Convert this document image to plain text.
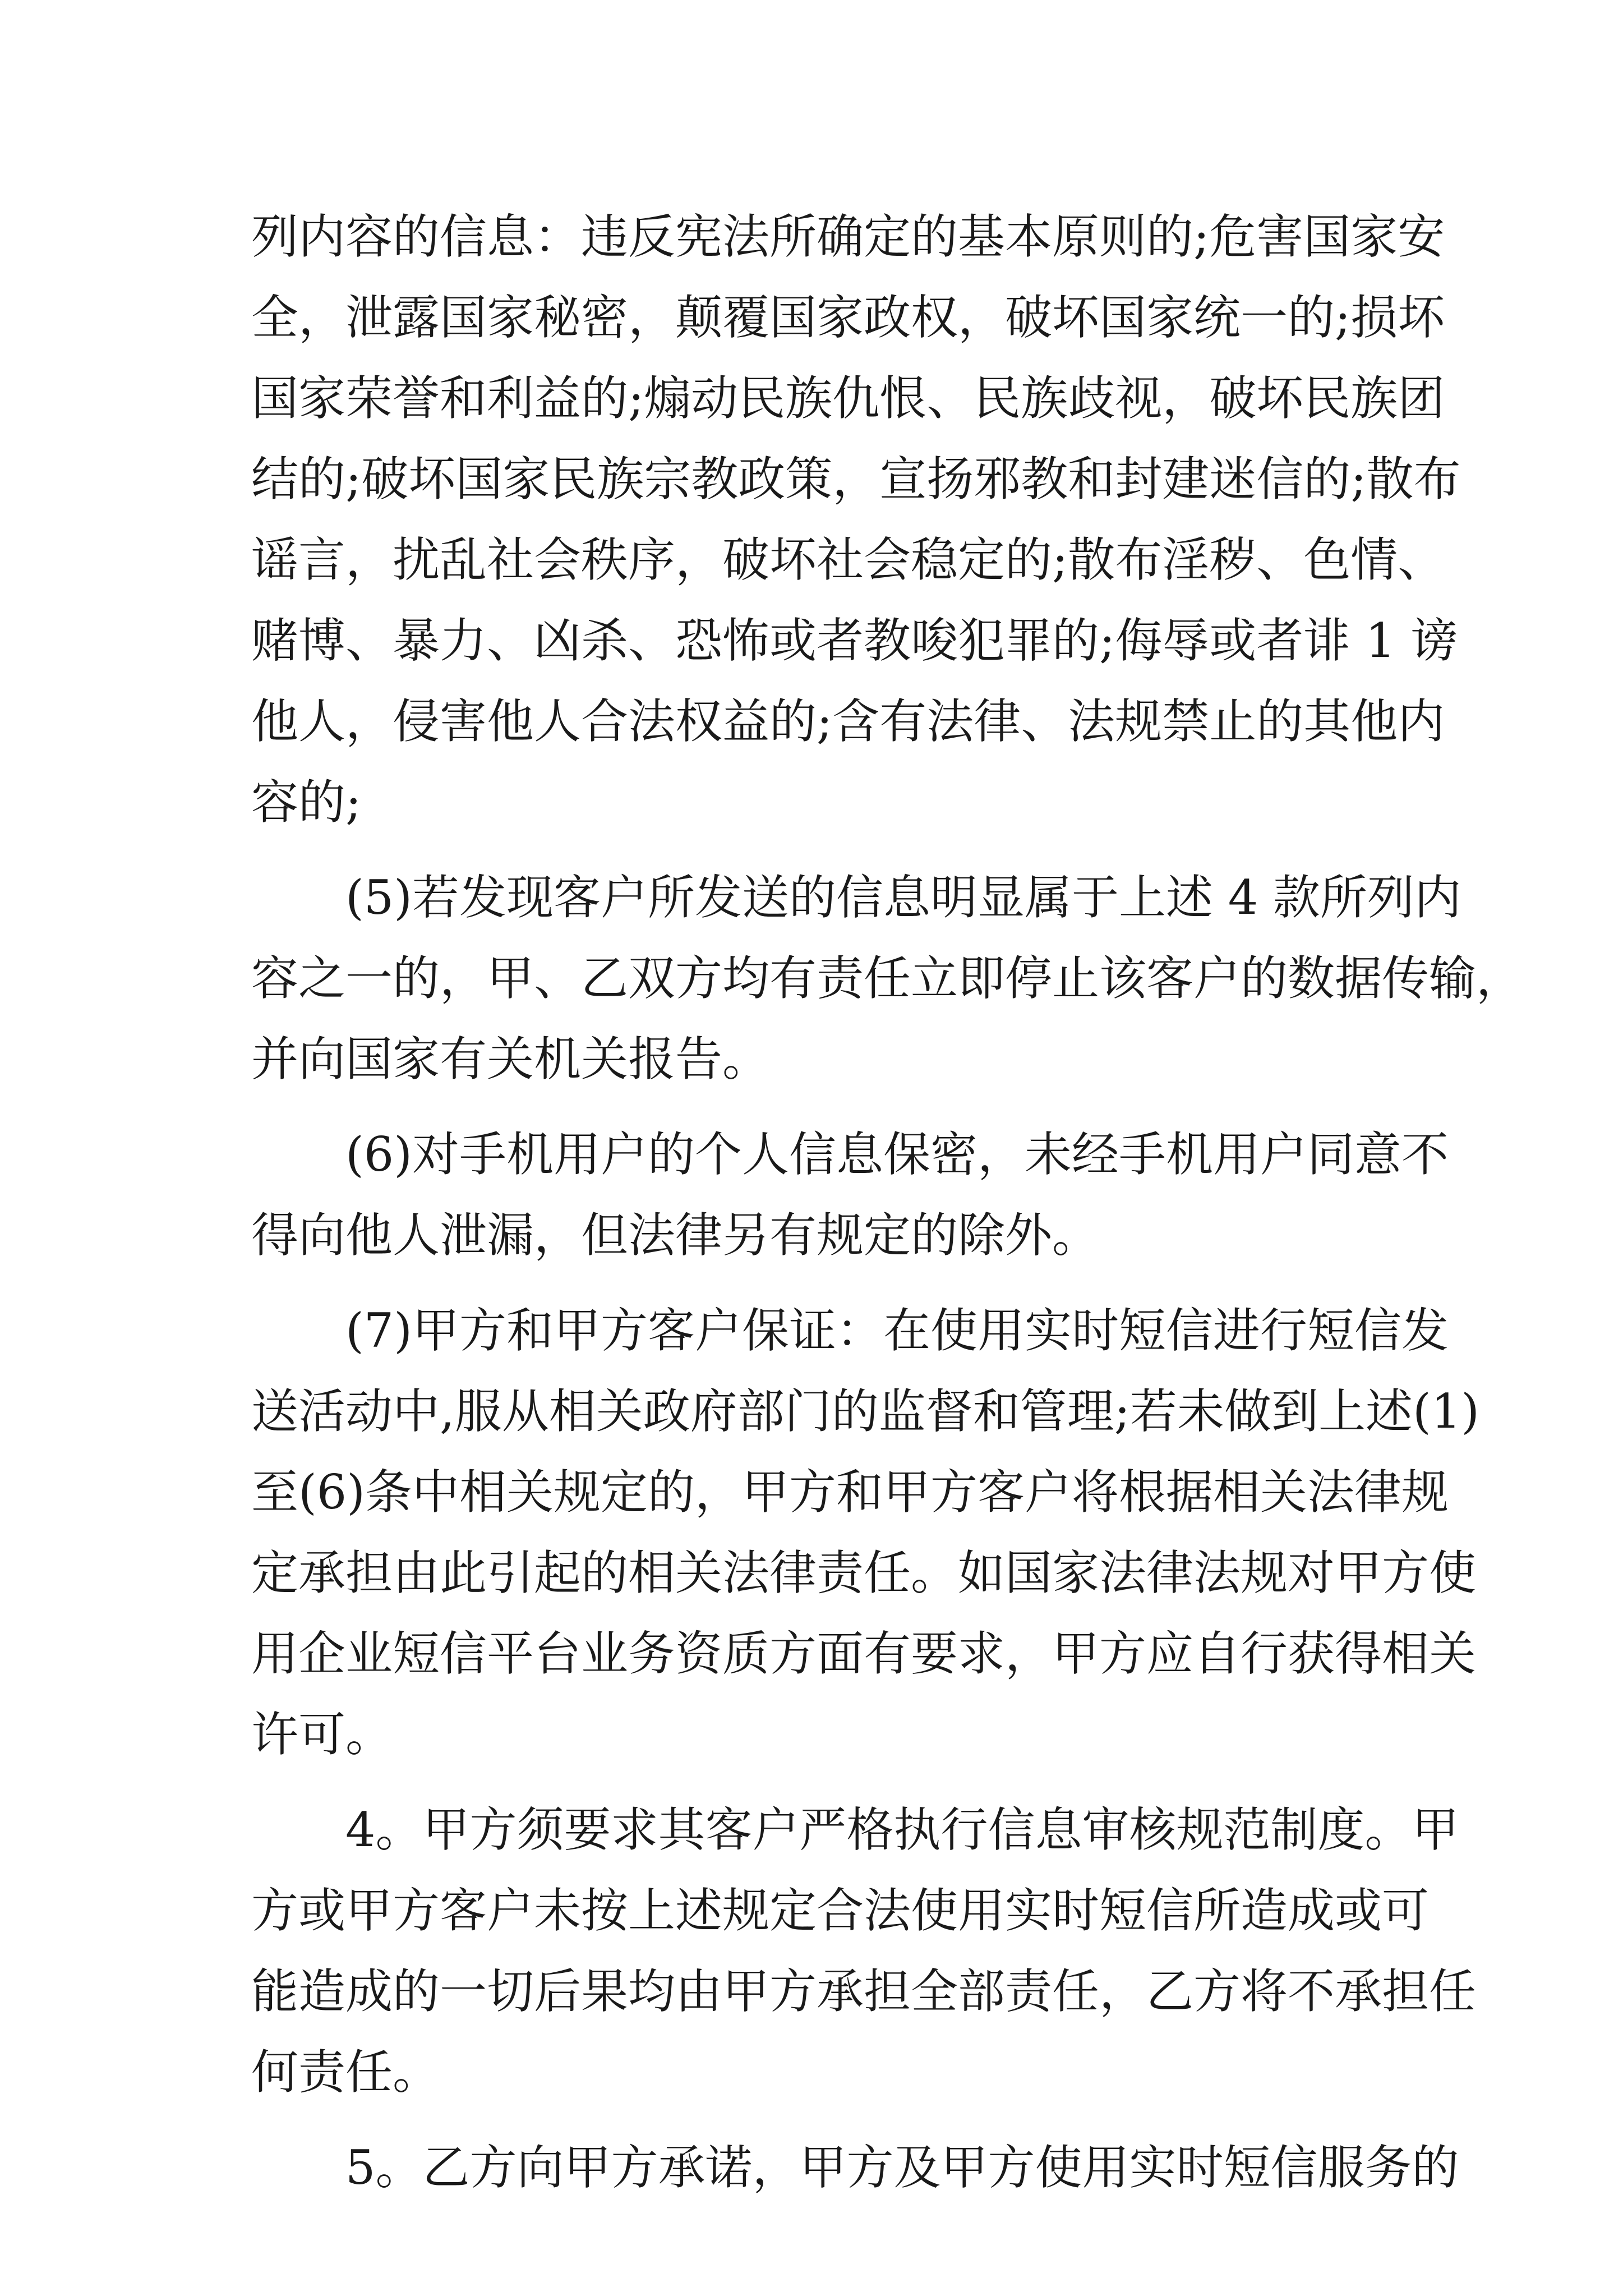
列内容的信息：违反宪法所确定的基本原则的;危害国家安
全，泄露国家秘密，颠覆国家政权，破坏国家统一的;损坏
国家荣誉和利益的;煽动民族仇恨、民族歧视，破坏民族团
结的;破坏国家民族宗教政策，宣扬邪教和封建迷信的;散布
谣言，扰乱社会秩序，破坏社会稳定的;散布淫秽、色情、
赌博、暴力、凶杀、恐怖或者教唆犯罪的;侮辱或者诽 1 谤
他人，侵害他人合法权益的;含有法律、法规禁止的其他内
容的;
(5)若发现客户所发送的信息明显属于上述 4 款所列内
容之一的，甲、乙双方均有责任立即停止该客户的数据传输，
并向国家有关机关报告。
(6)对手机用户的个人信息保密，未经手机用户同意不
得向他人泄漏，但法律另有规定的除外。
(7)甲方和甲方客户保证：在使用实时短信进行短信发
送活动中,服从相关政府部门的监督和管理;若未做到上述(1)
至(6)条中相关规定的，甲方和甲方客户将根据相关法律规
定承担由此引起的相关法律责任。如国家法律法规对甲方使
用企业短信平台业务资质方面有要求，甲方应自行获得相关
许可。
4。甲方须要求其客户严格执行信息审核规范制度。甲
方或甲方客户未按上述规定合法使用实时短信所造成或可
能造成的一切后果均由甲方承担全部责任，乙方将不承担任
何责任。
5。乙方向甲方承诺，甲方及甲方使用实时短信服务的
